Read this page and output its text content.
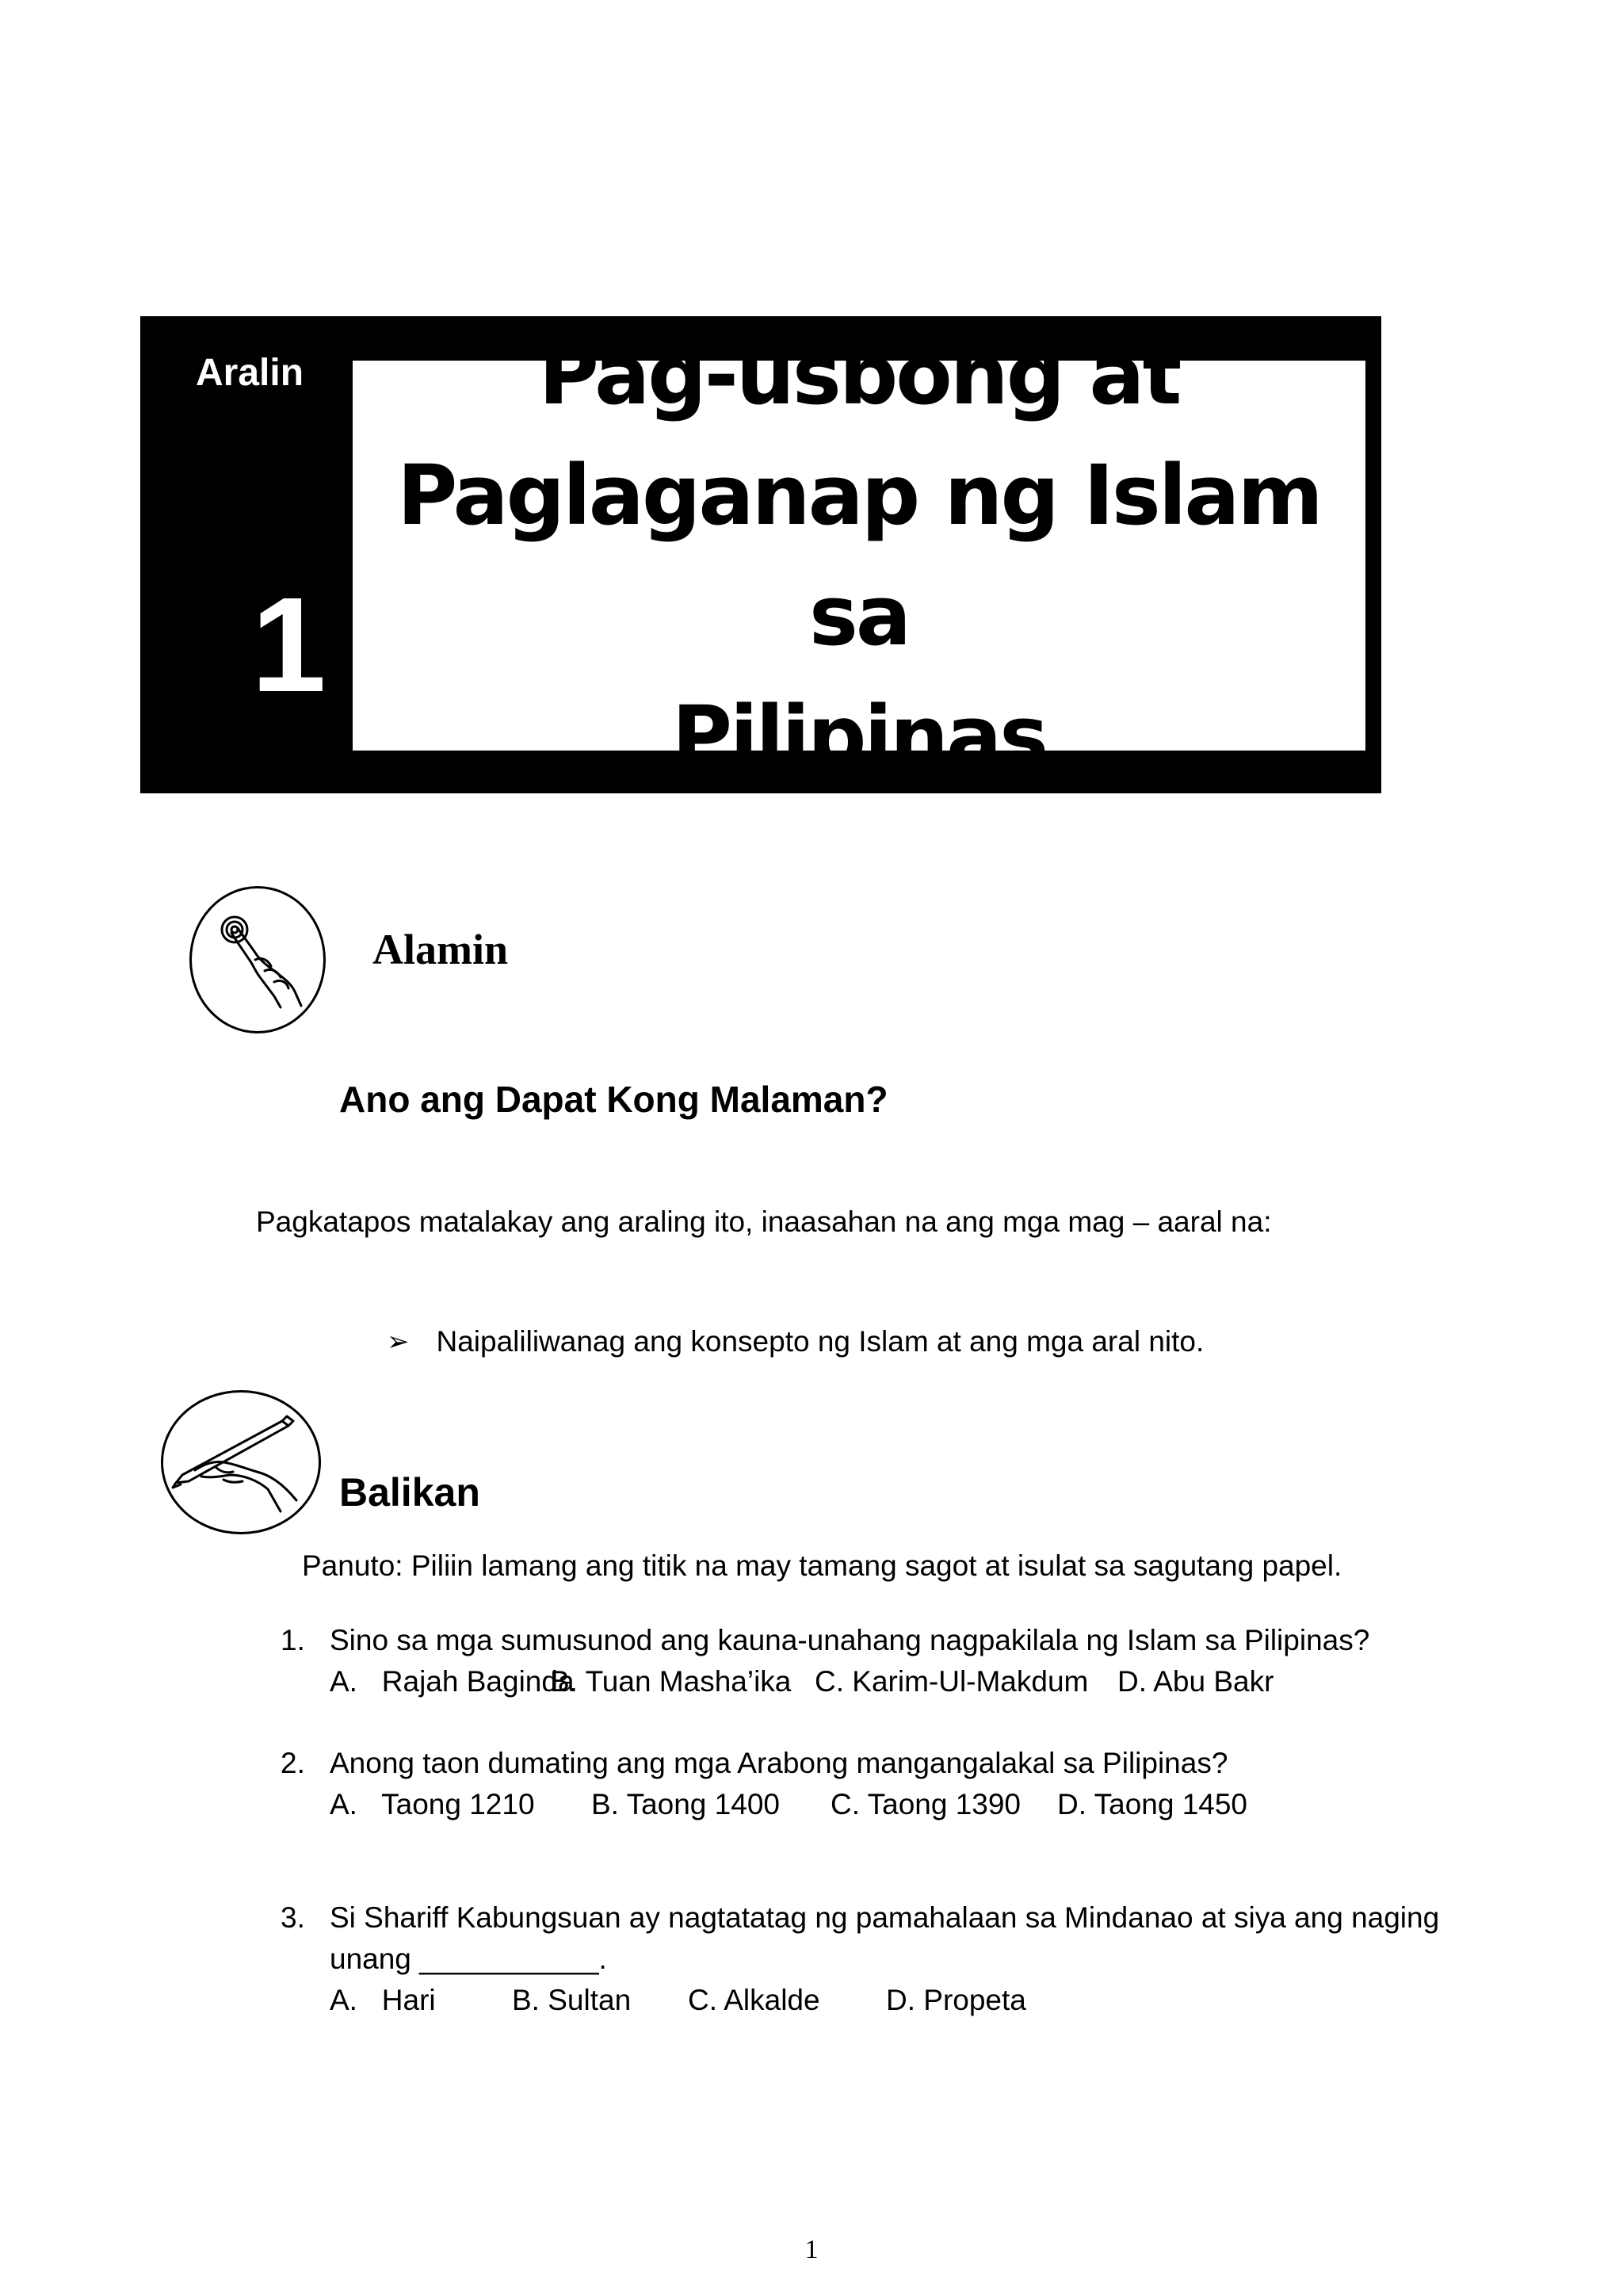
Aralin
1
Pag-usbong at
Paglaganap ng Islam sa
Pilipinas
Alamin
Ano ang Dapat Kong Malaman?
Pagkatapos matalakay ang araling ito, inaasahan na ang mga mag – aaral na:
➢ Naipaliliwanag ang konsepto ng Islam at ang mga aral nito.
Balikan
Panuto: Piliin lamang ang titik na may tamang sagot at isulat sa sagutang papel.
1. Sino sa mga sumusunod ang kauna-unahang nagpakilala ng Islam sa Pilipinas?
A.   Rajah Baginda
B. Tuan Masha’ika C. Karim-Ul-Makdum D. Abu Bakr
2. Anong taon dumating ang mga Arabong mangangalakal sa Pilipinas?
A.   Taong 1210	B. Taong 1400	C. Taong 1390	D. Taong 1450
3. Si Shariff Kabungsuan ay nagtatatag ng pamahalaan sa Mindanao at siya ang naging
unang ___________.
A.   Hari	B. Sultan	C. Alkalde	D. Propeta
1
